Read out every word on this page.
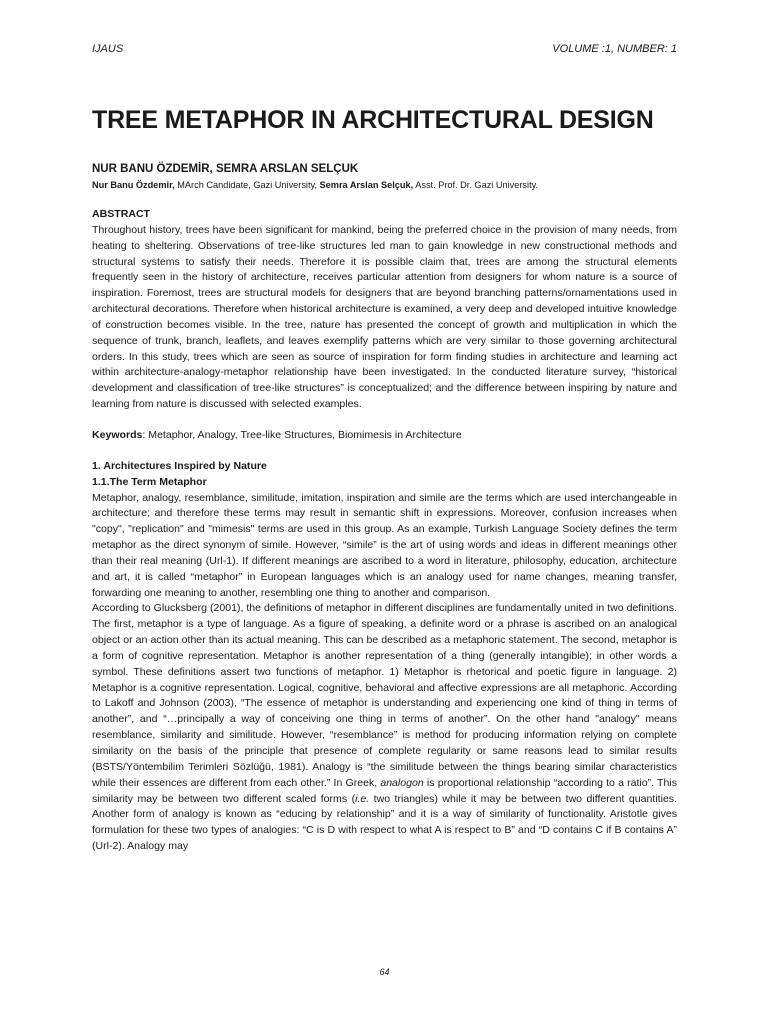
IJAUS	VOLUME :1, NUMBER: 1
TREE METAPHOR IN ARCHITECTURAL DESIGN

NUR BANU ÖZDEMİR, SEMRA ARSLAN SELÇUK

Nur Banu Özdemir, MArch Candidate, Gazi University, Semra Arslan Selçuk, Asst. Prof. Dr. Gazi University.

ABSTRACT

Throughout history, trees have been significant for mankind, being the preferred choice in the provision of many needs, from heating to sheltering. Observations of tree-like structures led man to gain knowledge in new constructional methods and structural systems to satisfy their needs. Therefore it is possible claim that, trees are among the structural elements frequently seen in the history of architecture, receives particular attention from designers for whom nature is a source of inspiration. Foremost, trees are structural models for designers that are beyond branching patterns/ornamentations used in architectural decorations. Therefore when historical architecture is examined, a very deep and developed intuitive knowledge of construction becomes visible. In the tree, nature has presented the concept of growth and multiplication in which the sequence of trunk, branch, leaflets, and leaves exemplify patterns which are very similar to those governing architectural orders. In this study, trees which are seen as source of inspiration for form finding studies in architecture and learning act within architecture-analogy-metaphor relationship have been investigated. In the conducted literature survey, “historical development and classification of tree-like structures” is conceptualized; and the difference between inspiring by nature and learning from nature is discussed with selected examples.

Keywords: Metaphor, Analogy, Tree-like Structures, Biomimesis in Architecture

1. Architectures Inspired by Nature

1.1.The Term Metaphor

Metaphor, analogy, resemblance, similitude, imitation, inspiration and simile are the terms which are used interchangeable in architecture; and therefore these terms may result in semantic shift in expressions. Moreover, confusion increases when "copy", "replication" and "mimesis" terms are used in this group. As an example, Turkish Language Society defines the term metaphor as the direct synonym of simile. However, “simile” is the art of using words and ideas in different meanings other than their real meaning (Url-1). If different meanings are ascribed to a word in literature, philosophy, education, architecture and art, it is called “metaphor” in European languages which is an analogy used for name changes, meaning transfer, forwarding one meaning to another, resembling one thing to another and comparison.

According to Glucksberg (2001), the definitions of metaphor in different disciplines are fundamentally united in two definitions. The first, metaphor is a type of language. As a figure of speaking, a definite word or a phrase is ascribed on an analogical object or an action other than its actual meaning. This can be described as a metaphoric statement. The second, metaphor is a form of cognitive representation. Metaphor is another representation of a thing (generally intangible); in other words a symbol. These definitions assert two functions of metaphor. 1) Metaphor is rhetorical and poetic figure in language. 2) Metaphor is a cognitive representation. Logical, cognitive, behavioral and affective expressions are all metaphoric. According to Lakoff and Johnson (2003), “The essence of metaphor is understanding and experiencing one kind of thing in terms of another”, and “…principally a way of conceiving one thing in terms of another”. On the other hand "analogy" means resemblance, similarity and similitude. However, “resemblance” is method for producing information relying on complete similarity on the basis of the principle that presence of complete regularity or same reasons lead to similar results (BSTS/Yöntembilim Terimleri Sözlüğü, 1981). Analogy is “the similitude between the things bearing similar characteristics while their essences are different from each other.” In Greek, analogon is proportional relationship “according to a ratio”. This similarity may be between two different scaled forms (i.e. two triangles) while it may be between two different quantities. Another form of analogy is known as “educing by relationship” and it is a way of similarity of functionality. Aristotle gives formulation for these two types of analogies: “C is D with respect to what A is respect to B” and “D contains C if B contains A” (Url-2). Analogy may

64
